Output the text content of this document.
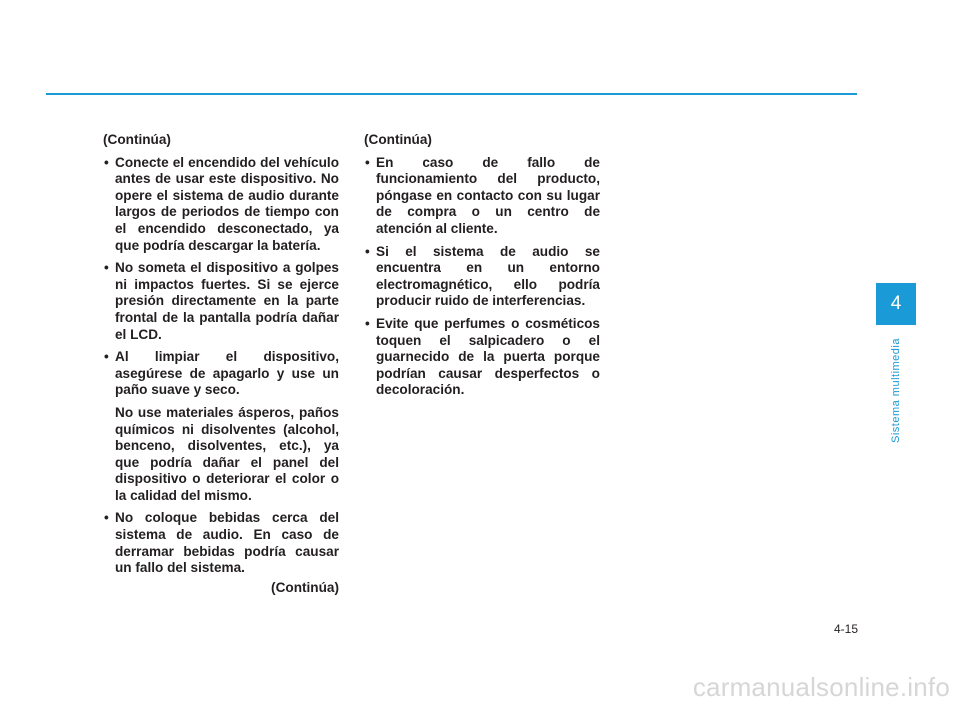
(Continúa)
• Conecte el encendido del vehículo antes de usar este dispositivo. No opere el sistema de audio durante largos de periodos de tiempo con el encendido desconectado, ya que podría descargar la batería.

• No someta el dispositivo a golpes ni impactos fuertes. Si se ejerce presión directamente en la parte frontal de la pantalla podría dañar el LCD.

• Al limpiar el dispositivo, asegúrese de apagarlo y use un paño suave y seco.

No use materiales ásperos, paños químicos ni disolventes (alcohol, benceno, disolventes, etc.), ya que podría dañar el panel del dispositivo o deteriorar el color o la calidad del mismo.

• No coloque bebidas cerca del sistema de audio. En caso de derramar bebidas podría causar un fallo del sistema.

(Continúa)
(Continúa)
• En caso de fallo de funcionamiento del producto, póngase en contacto con su lugar de compra o un centro de atención al cliente.

• Si el sistema de audio se encuentra en un entorno electromagnético, ello podría producir ruido de interferencias.

• Evite que perfumes o cosméticos toquen el salpicadero o el guarnecido de la puerta porque podrían causar desperfectos o decoloración.

4
Sistema multimedia
4-15
carmanualsonline.info
